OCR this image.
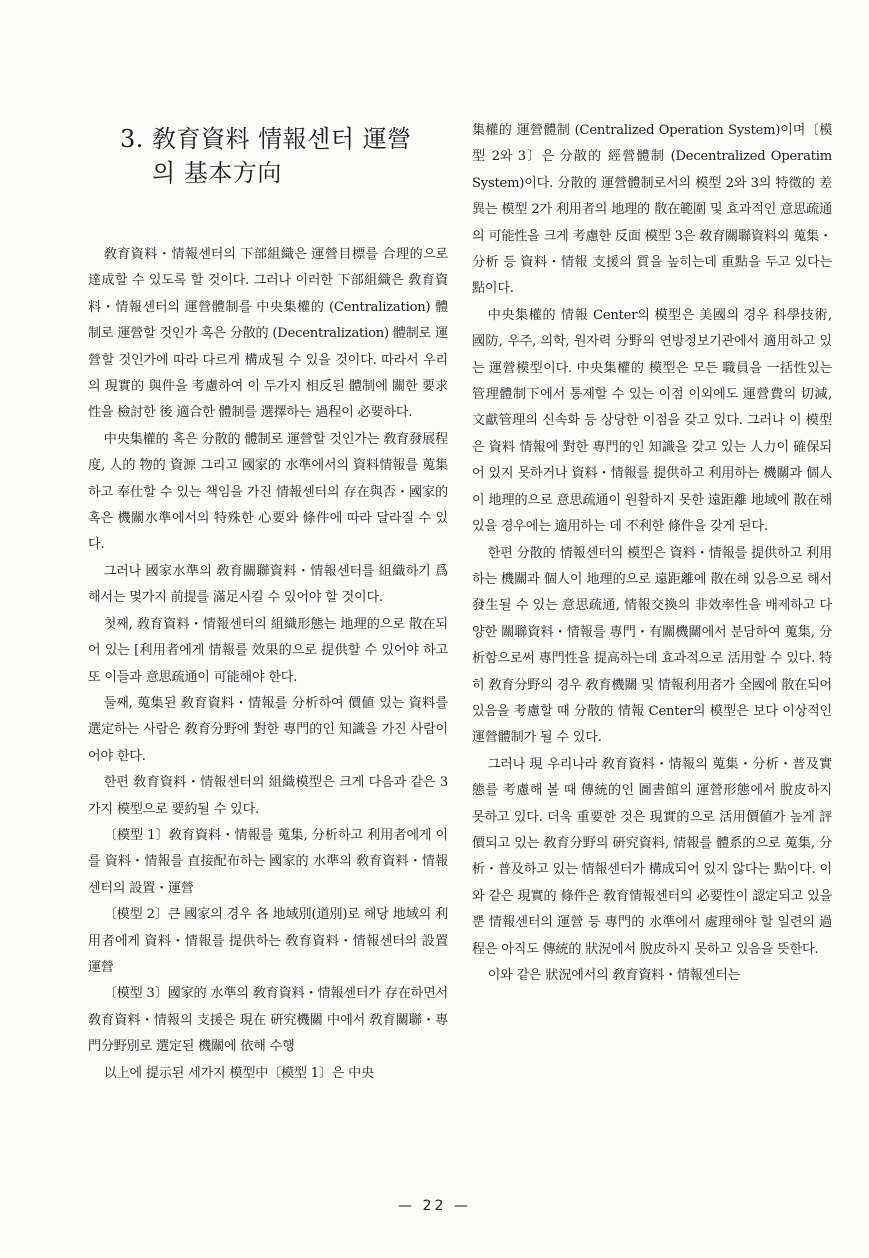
3. 敎育資料 情報센터 運營
의 基本方向

敎育資料・情報센터의 下部組織은 運營目標를 合理的으로 達成할 수 있도록 할 것이다. 그러나 이러한 下部組織은 敎育資料・情報센터의 運營體制를 中央集權的 (Centralization) 體制로 運營할 것인가 혹은 分散的 (Decentralization) 體制로 運營할 것인가에 따라 다르게 構成될 수 있을 것이다. 따라서 우리의 現實的 與件을 考慮하여 이 두가지 相反된 體制에 關한 要求性을 檢討한 後 適合한 體制를 選擇하는 過程이 必要하다.

中央集權的 혹은 分散的 體制로 運營할 것인가는 敎育發展程度, 人的 物的 資源 그리고 國家的 水準에서의 資料情報를 蒐集하고 奉仕할 수 있는 책임을 가진 情報센터의 存在與否・國家的 혹은 機關水準에서의 特殊한 心要와 條件에 따라 달라질 수 있다.

그러나 國家水準의 敎育關聯資料・情報센터를 組織하기 爲해서는 몇가지 前提를 滿足시킬 수 있어야 할 것이다.

첫째, 敎育資料・情報센터의 組織形態는 地理的으로 散在되어 있는 [利用者에게 情報를 效果的으로 提供할 수 있어야 하고 또 이들과 意思疏通이 可能해야 한다.

둘째, 蒐集된 敎育資料・情報를 分析하여 價値 있는 資料를 選定하는 사람은 敎育分野에 對한 專門的인 知識을 가진 사람이어야 한다.

한편 敎育資料・情報센터의 組織模型은 크게 다음과 같은 3가지 模型으로 要約될 수 있다.

〔模型 1〕敎育資料・情報를 蒐集, 分析하고 利用者에게 이를 資料・情報를 直接配布하는 國家的 水準의 敎育資料・情報센터의 設置・運營

〔模型 2〕큰 國家의 경우 各 地域別(道別)로 해당 地域의 利用者에게 資料・情報를 提供하는 敎育資料・情報센터의 設置 運營

〔模型 3〕國家的 水準의 敎育資料・情報센터가 存在하면서 敎育資料・情報의 支援은 現在 硏究機關 中에서 敎育關聯・專門分野別로 選定된 機關에 依해 수행

以上에 提示된 세가지 模型中〔模型 1〕은 中央

集權的 運營體制 (Centralized Operation System)이며〔模型 2와 3〕은 分散的 經營體制 (Decentralized Operatim System)이다. 分散的 運營體制로서의 模型 2와 3의 特徵的 差異는 模型 2가 利用者의 地理的 散在範圍 및 효과적인 意思疏通의 可能性을 크게 考慮한 反面 模型 3은 敎育關聯資料의 蒐集・分析 등 資料・情報 支援의 質을 높히는데 重點을 두고 있다는 點이다.

中央集權的 情報 Center의 模型은 美國의 경우 科學技術, 國防, 우주, 의학, 원자력 分野의 연방정보기관에서 適用하고 있는 運營模型이다. 中央集權的 模型은 모든 職員을 一括性있는 管理體制下에서 통제할 수 있는 이점 이외에도 運營費의 切減, 文獻管理의 신속화 등 상당한 이점을 갖고 있다. 그러나 이 模型은 資料 情報에 對한 專門的인 知識을 갖고 있는 人力이 確保되어 있지 못하거나 資料・情報를 提供하고 利用하는 機關과 個人이 地理的으로 意思疏通이 원활하지 못한 遠距離 地域에 散在해 있을 경우에는 適用하는 데 不利한 條件을 갖게 된다.

한편 分散的 情報센터의 模型은 資料・情報를 提供하고 利用하는 機關과 個人이 地理的으로 遠距離에 散在해 있음으로 해서 發生될 수 있는 意思疏通, 情報交換의 非效率性을 배제하고 다양한 關聯資料・情報를 專門・有關機關에서 분담하여 蒐集, 分析함으로써 專門性을 提高하는데 효과적으로 活用할 수 있다. 特히 敎育分野의 경우 敎育機關 및 情報利用者가 全國에 散在되어 있음을 考慮할 때 分散的 情報 Center의 模型은 보다 이상적인 運營體制가 될 수 있다.

그러나 現 우리나라 敎育資料・情報의 蒐集・分析・普及實態를 考慮해 볼 때 傳統的인 圖書館의 運營形態에서 脫皮하지 못하고 있다. 더욱 重要한 것은 現實的으로 活用價値가 높게 評價되고 있는 敎育分野의 硏究資料, 情報를 體系的으로 蒐集, 分析・普及하고 있는 情報센터가 構成되어 있지 않다는 點이다. 이와 같은 現實的 條件은 敎育情報센터의 必要性이 認定되고 있을 뿐 情報센터의 運營 등 專門的 水準에서 處理해야 할 일련의 過程은 아직도 傳統的 狀況에서 脫皮하지 못하고 있음을 뜻한다.

이와 같은 狀況에서의 敎育資料・情報센터는

— 22 —
